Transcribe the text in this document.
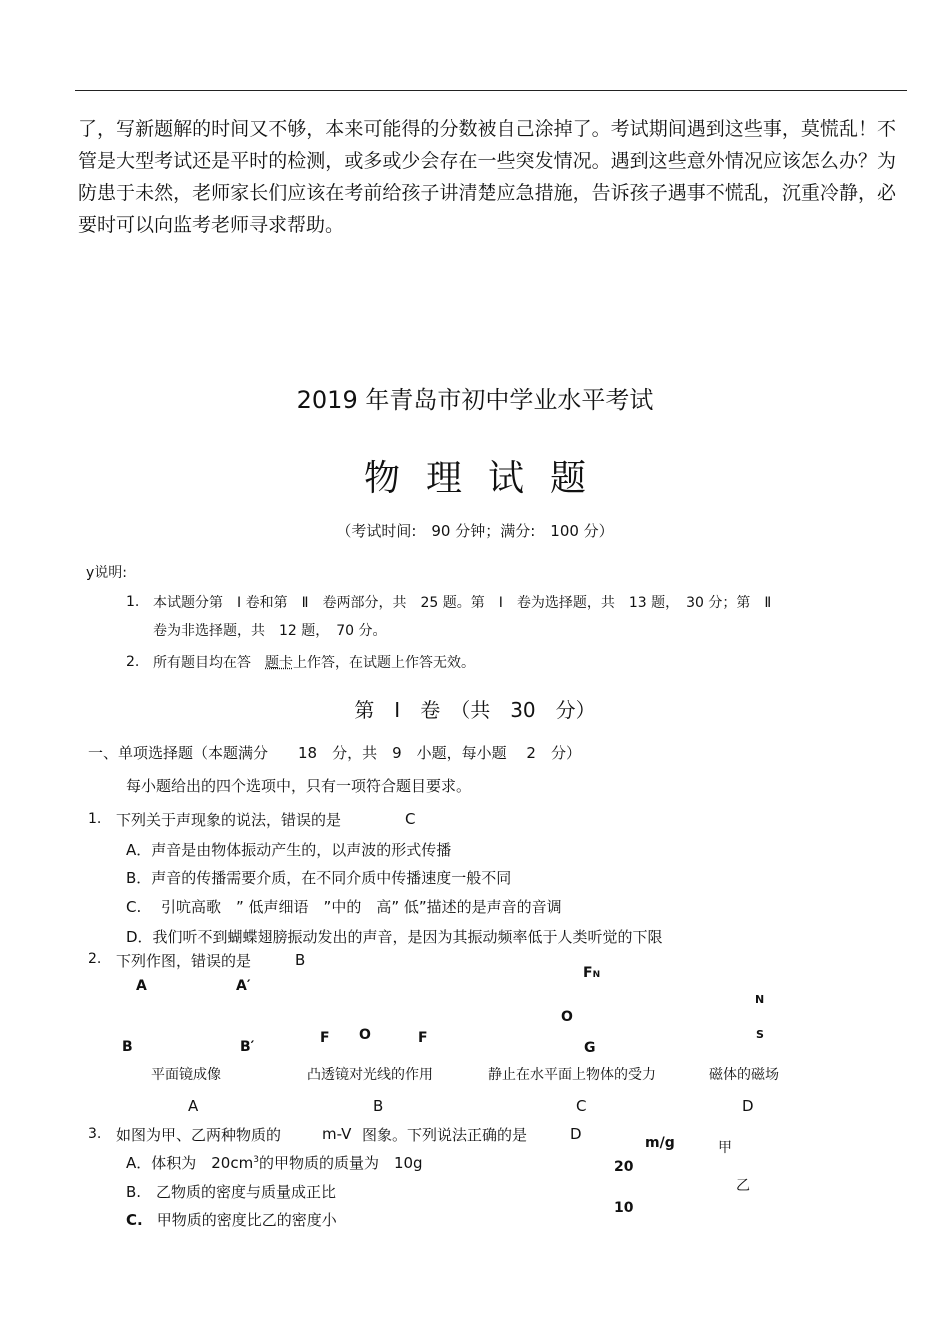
了，写新题解的时间又不够，本来可能得的分数被自己涂掉了。考试期间遇到这些事，莫慌乱！不管是大型考试还是平时的检测，或多或少会存在一些突发情况。遇到这些意外情况应该怎么办？为防患于未然，老师家长们应该在考前给孩子讲清楚应急措施，告诉孩子遇事不慌乱，沉重冷静，必要时可以向监考老师寻求帮助。
2019 年青岛市初中学业水平考试
物理试题
（考试时间:　90 分钟；满分:　100 分）
y说明:
1. 本试题分第　Ⅰ 卷和第　Ⅱ　卷两部分，共　25 题。第　Ⅰ　卷为选择题，共　13 题，　30 分；第　Ⅱ
卷为非选择题，共　12 题，　70 分。
2. 所有题目均在答　题卡上作答，在试题上作答无效。
第　Ⅰ　卷　（共　30　分）
一、单项选择题（本题满分　　18　分，共　9　小题，每小题　 2　分）
每小题给出的四个选项中，只有一项符合题目要求。
1. 下列关于声现象的说法，错误的是	C
A．声音是由物体振动产生的，以声波的形式传播
B．声音的传播需要介质，在不同介质中传播速度一般不同
C.　 引吭高歌　” 低声细语　”中的　高” 低”描述的是声音的音调
D．我们听不到蝴蝶翅膀振动发出的声音，是因为其振动频率低于人类听觉的下限
2. 下列作图，错误的是	B
A	A′
B	B′
F O	F
FN
O
G
N
S
平面镜成像	凸透镜对光线的作用	静止在水平面上物体的受力	磁体的磁场
A	B	C	D
3. 如图为甲、乙两种物质的	m-V 图象。下列说法正确的是	D
A．体积为　$20cm^3$的甲物质的质量为　10g
B.　乙物质的密度与质量成正比
C. 甲物质的密度比乙的密度小
m/g	甲
乙
20
10
